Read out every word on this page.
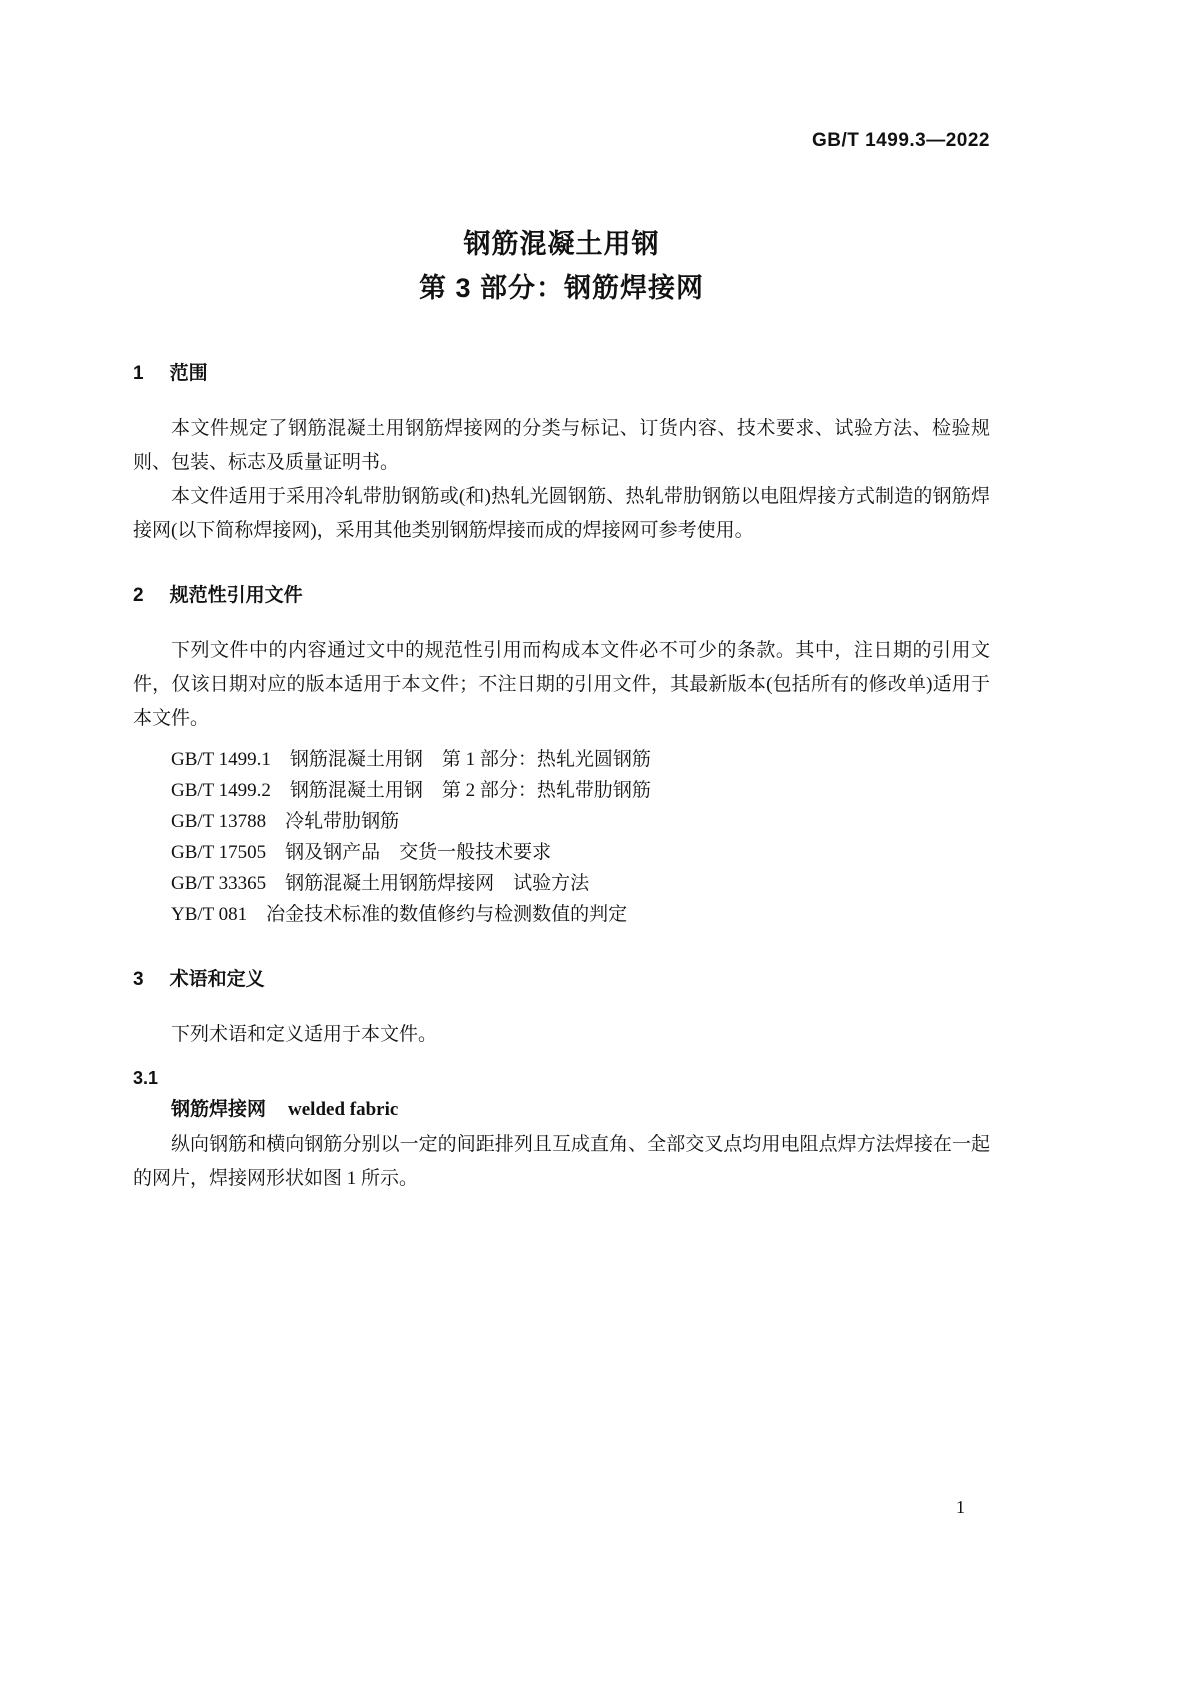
GB/T 1499.3—2022
钢筋混凝土用钢
第 3 部分：钢筋焊接网
1 范围

本文件规定了钢筋混凝土用钢筋焊接网的分类与标记、订货内容、技术要求、试验方法、检验规则、包装、标志及质量证明书。

本文件适用于采用冷轧带肋钢筋或(和)热轧光圆钢筋、热轧带肋钢筋以电阻焊接方式制造的钢筋焊接网(以下简称焊接网)，采用其他类别钢筋焊接而成的焊接网可参考使用。

2 规范性引用文件

下列文件中的内容通过文中的规范性引用而构成本文件必不可少的条款。其中，注日期的引用文件，仅该日期对应的版本适用于本文件；不注日期的引用文件，其最新版本(包括所有的修改单)适用于本文件。

GB/T 1499.1　钢筋混凝土用钢　第 1 部分：热轧光圆钢筋
GB/T 1499.2　钢筋混凝土用钢　第 2 部分：热轧带肋钢筋
GB/T 13788　冷轧带肋钢筋
GB/T 17505　钢及钢产品　交货一般技术要求
GB/T 33365　钢筋混凝土用钢筋焊接网　试验方法
YB/T 081　冶金技术标准的数值修约与检测数值的判定
3 术语和定义

下列术语和定义适用于本文件。

3.1
钢筋焊接网 welded fabric

纵向钢筋和横向钢筋分别以一定的间距排列且互成直角、全部交叉点均用电阻点焊方法焊接在一起的网片，焊接网形状如图 1 所示。

1
